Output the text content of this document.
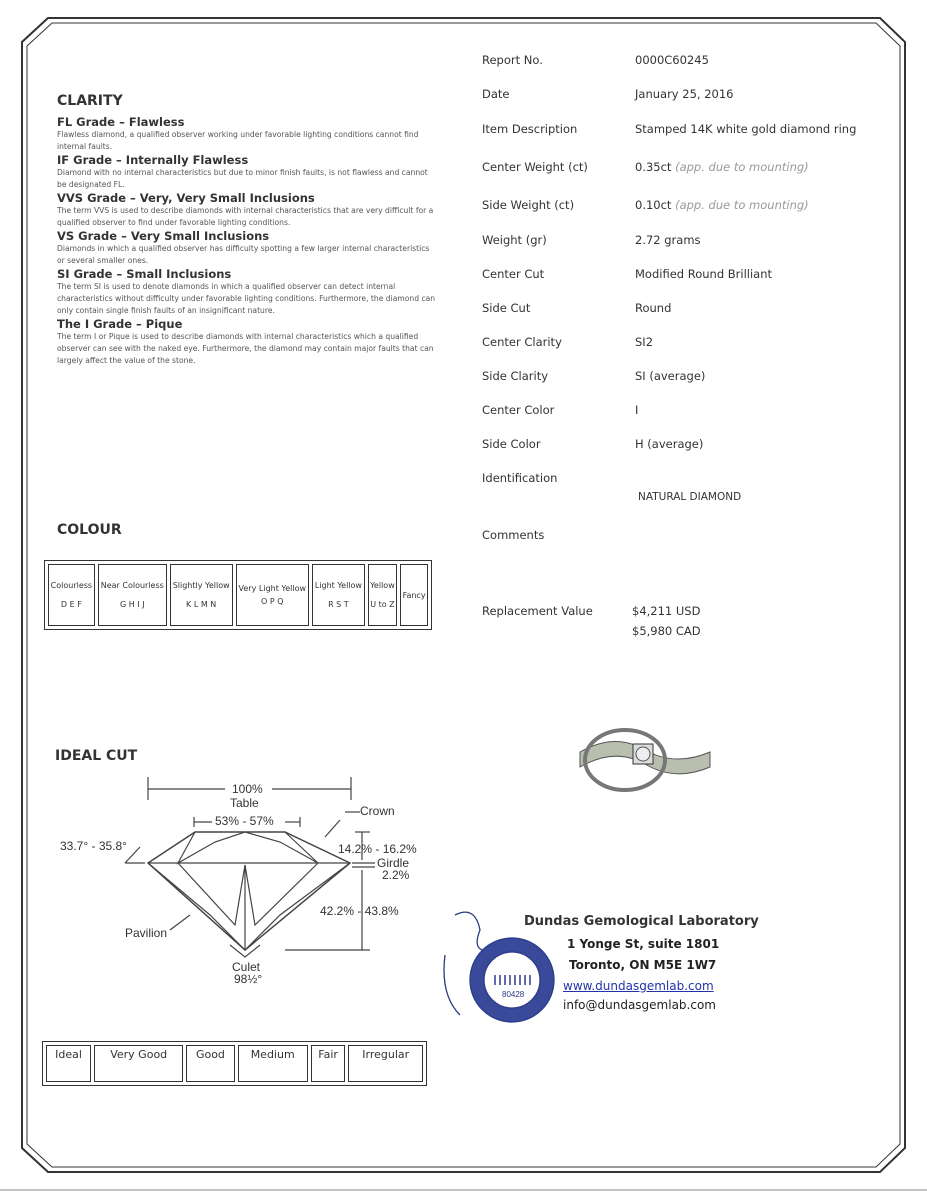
CLARITY
FL Grade – Flawless
Flawless diamond, a qualified observer working under favorable lighting conditions cannot find internal faults.
IF Grade – Internally Flawless
Diamond with no internal characteristics but due to minor finish faults, is not flawless and cannot be designated FL.
VVS Grade – Very, Very Small Inclusions
The term VVS is used to describe diamonds with internal characteristics that are very difficult for a qualified observer to find under favorable lighting conditions.
VS Grade – Very Small Inclusions
Diamonds in which a qualified observer has difficulty spotting a few larger internal characteristics or several smaller ones.
SI Grade – Small Inclusions
The term SI is used to denote diamonds in which a qualified observer can detect internal characteristics without difficulty under favorable lighting conditions. Furthermore, the diamond can only contain single finish faults of an insignificant nature.
The I Grade – Pique
The term I or Pique is used to describe diamonds with internal characteristics which a qualified observer can see with the naked eye. Furthermore, the diamond may contain major faults that can largely affect the value of the stone.
COLOUR
Colourless
D E F

Near Colourless
G H I J

Slightly Yellow
K L M N

Very Light Yellow
O P Q

Light Yellow
R S T

Yellow
U to Z

Fancy
IDEAL CUT
100%
Table
53% - 57%
Crown
33.7° - 35.8°	14.2% - 16.2%
Girdle
2.2%
42.2% - 43.8%
Pavilion
Culet
98½°
Ideal	Very Good	Good	Medium	Fair	Irregular
Report No.	0000C60245
Date	January 25, 2016
Item Description	Stamped 14K white gold diamond ring
Center Weight (ct)	0.35ct (app. due to mounting)
Side Weight (ct)	0.10ct (app. due to mounting)
Weight (gr)	2.72 grams
Center Cut	Modified Round Brilliant
Side Cut	Round
Center Clarity	SI2
Side Clarity	SI (average)
Center Color	I
Side Color	H (average)
Identification
NATURAL DIAMOND
Comments
Replacement Value	$4,211 USD
$5,980 CAD
80428
Dundas Gemological Laboratory
1 Yonge St, suite 1801
Toronto, ON M5E 1W7
www.dundasgemlab.com
info@dundasgemlab.com
